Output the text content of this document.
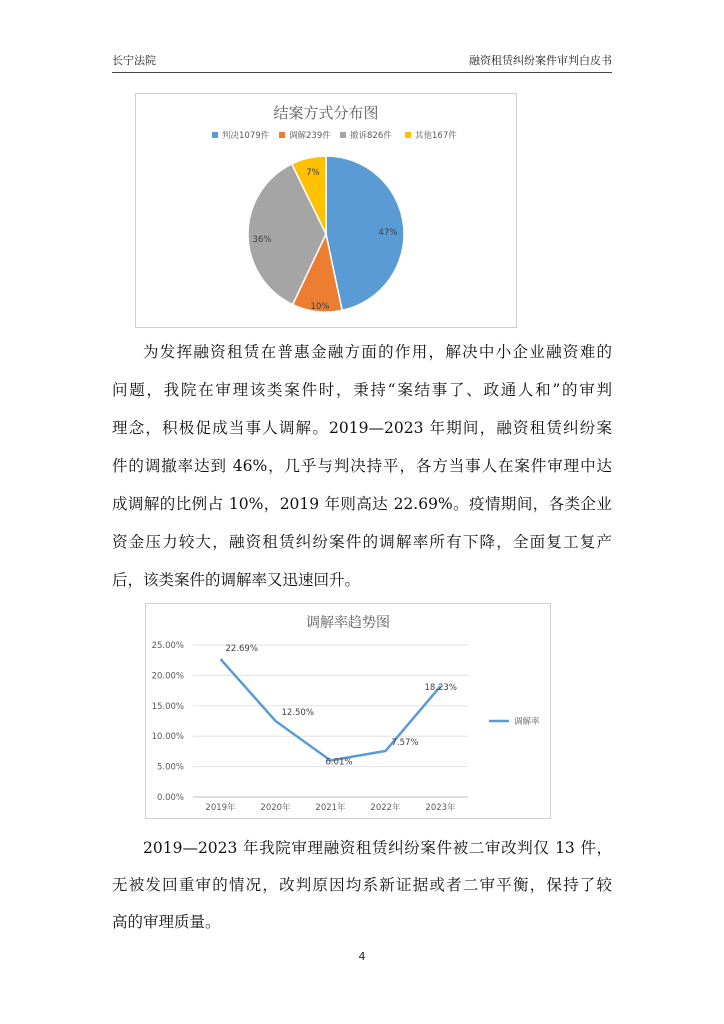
长宁法院	融资租赁纠纷案件审判白皮书
结案方式分布图
判决1079件 调解239件 撤诉826件	其他167件
47%
10%
36%
7%
为发挥融资租赁在普惠金融方面的作用，解决中小企业融资难的
问题，我院在审理该类案件时，秉持“案结事了、政通人和”的审判
理念，积极促成当事人调解。2019—2023 年期间，融资租赁纠纷案
件的调撤率达到 46%，几乎与判决持平，各方当事人在案件审理中达
成调解的比例占 10%，2019 年则高达 22.69%。疫情期间，各类企业
资金压力较大，融资租赁纠纷案件的调解率所有下降，全面复工复产
后，该类案件的调解率又迅速回升。
调解率趋势图
25.00%
20.00%
15.00%
10.00%
5.00%
0.00%
2019年	2020年	2021年	2022年	2023年
22.69%
12.50%
6.01%
7.57%
18.23%
调解率
2019—2023 年我院审理融资租赁纠纷案件被二审改判仅 13 件，
无被发回重审的情况，改判原因均系新证据或者二审平衡，保持了较
高的审理质量。
4
